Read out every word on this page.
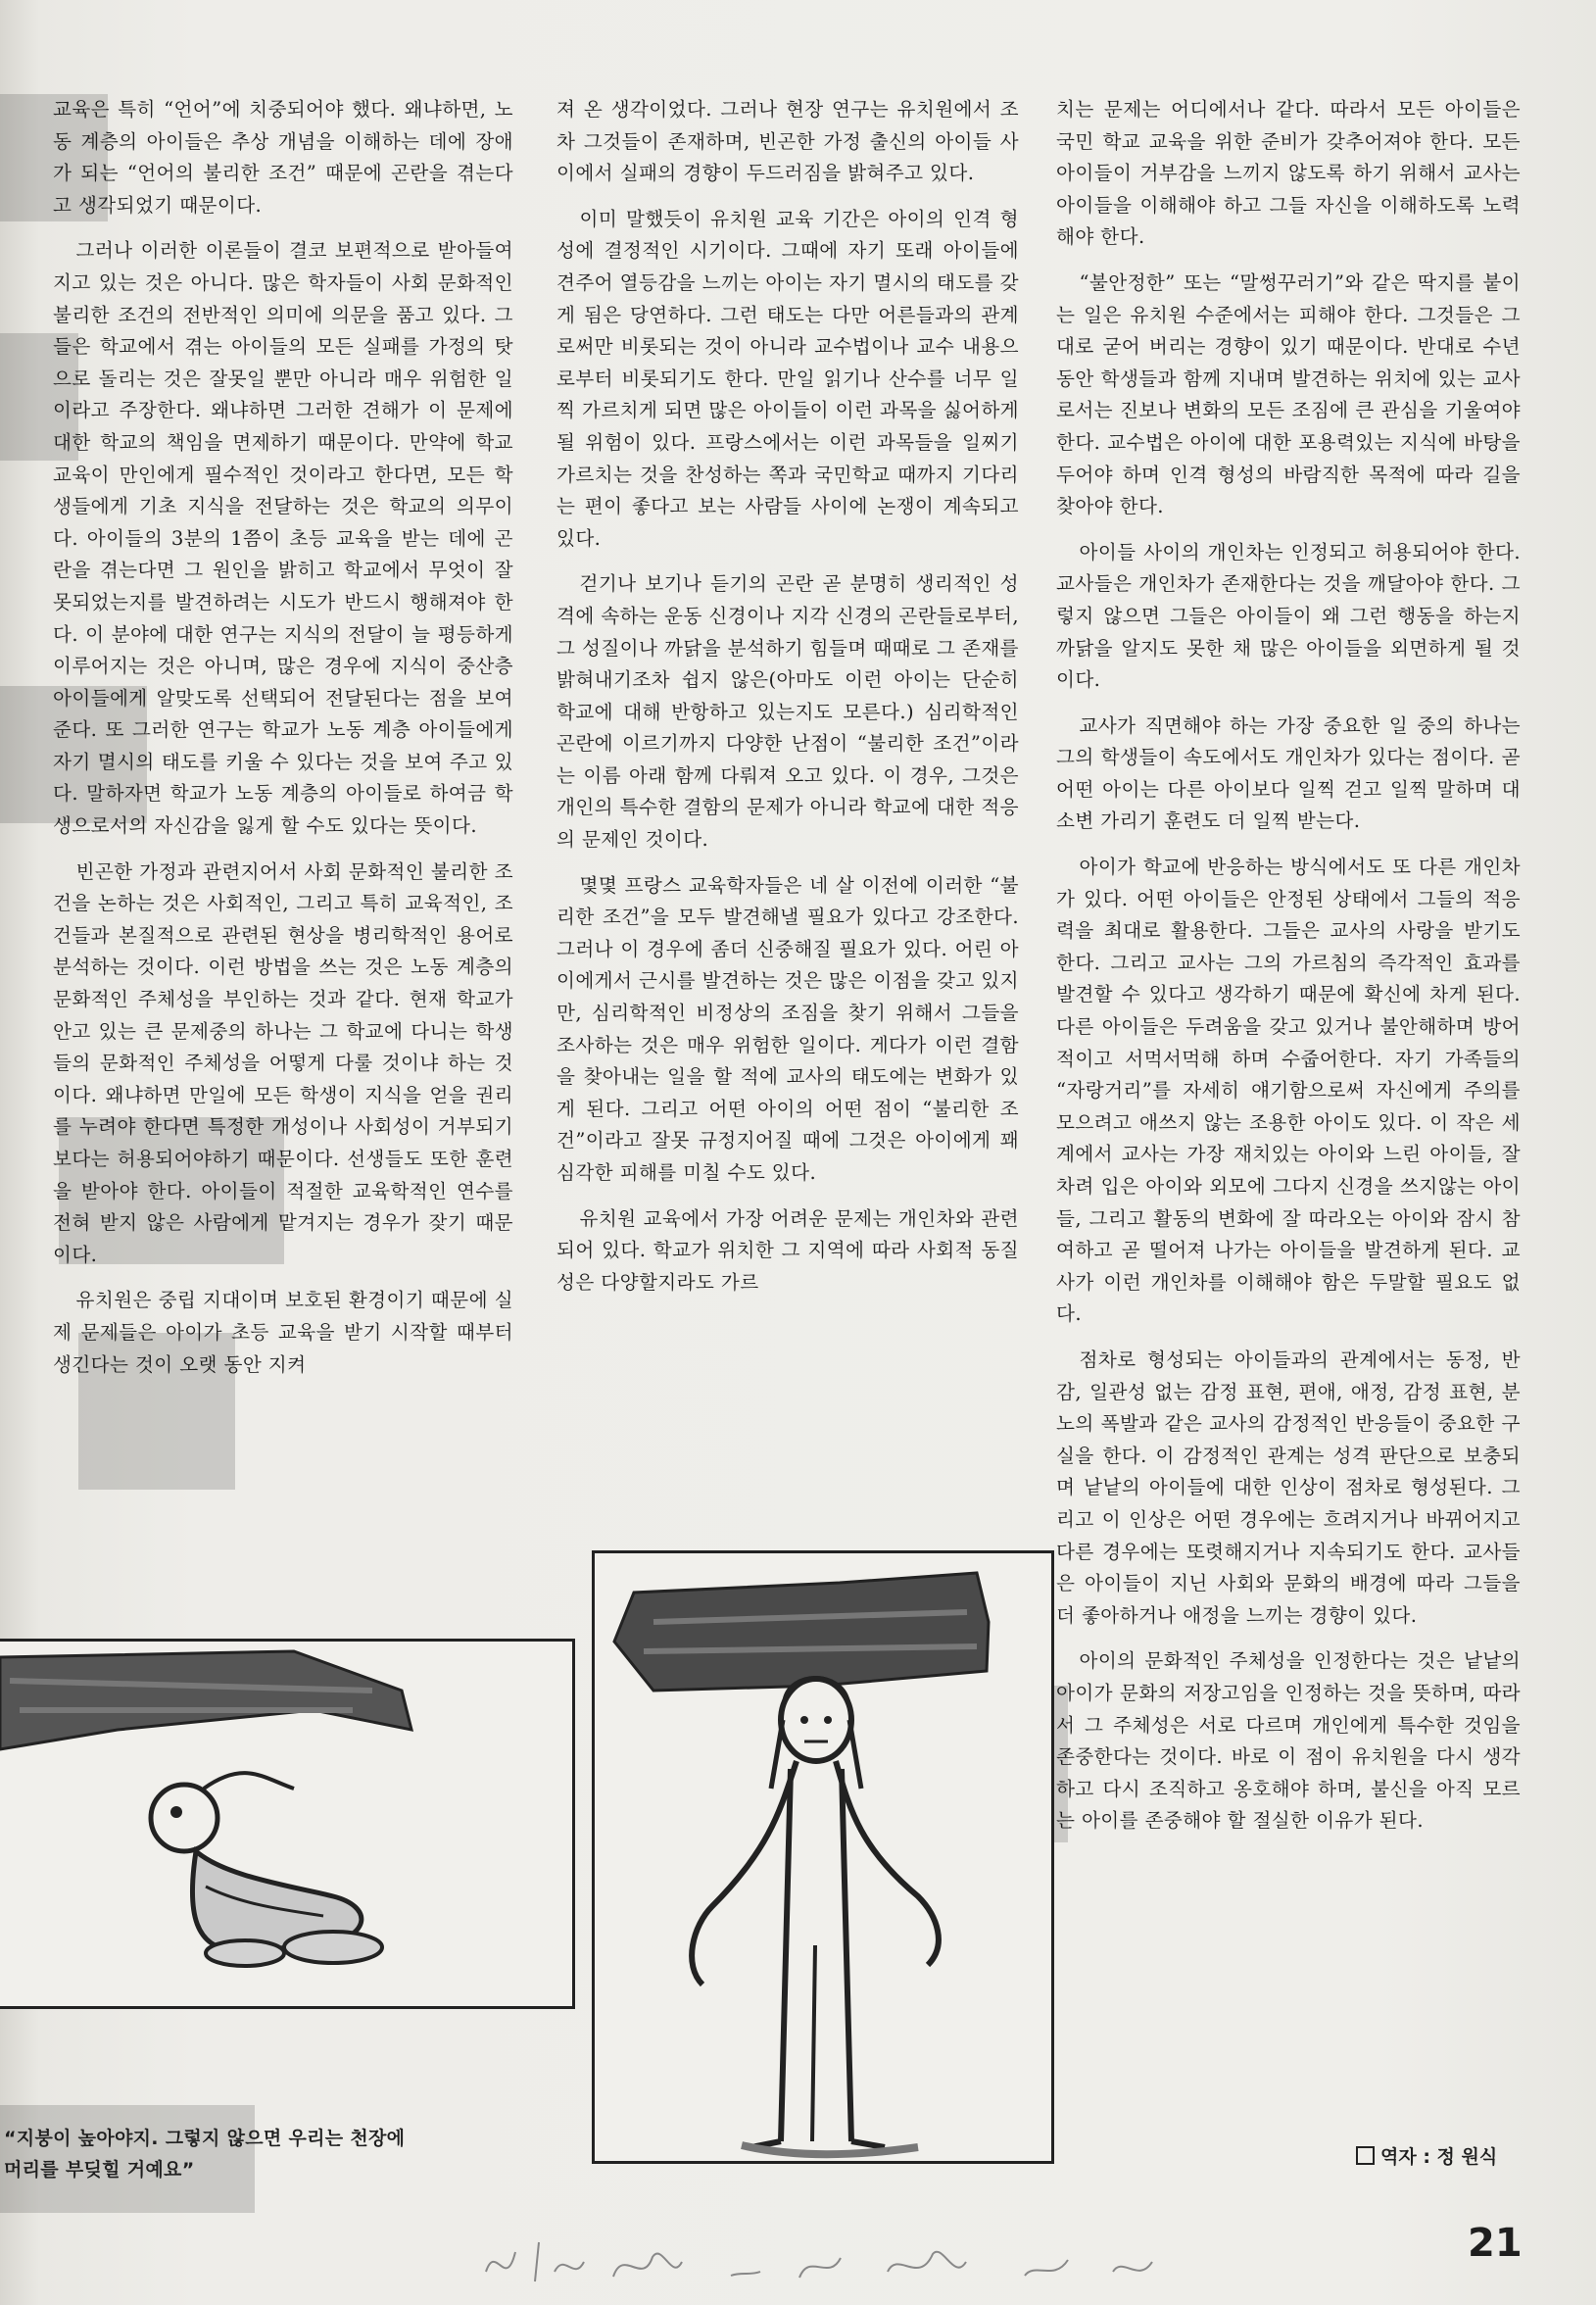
교육은 특히 “언어”에 치중되어야 했다. 왜냐하면, 노동 계층의 아이들은 추상 개념을 이해하는 데에 장애가 되는 “언어의 불리한 조건” 때문에 곤란을 겪는다고 생각되었기 때문이다.

그러나 이러한 이론들이 결코 보편적으로 받아들여지고 있는 것은 아니다. 많은 학자들이 사회 문화적인 불리한 조건의 전반적인 의미에 의문을 품고 있다. 그들은 학교에서 겪는 아이들의 모든 실패를 가정의 탓으로 돌리는 것은 잘못일 뿐만 아니라 매우 위험한 일이라고 주장한다. 왜냐하면 그러한 견해가 이 문제에 대한 학교의 책임을 면제하기 때문이다. 만약에 학교 교육이 만인에게 필수적인 것이라고 한다면, 모든 학생들에게 기초 지식을 전달하는 것은 학교의 의무이다. 아이들의 3분의 1쯤이 초등 교육을 받는 데에 곤란을 겪는다면 그 원인을 밝히고 학교에서 무엇이 잘못되었는지를 발견하려는 시도가 반드시 행해져야 한다. 이 분야에 대한 연구는 지식의 전달이 늘 평등하게 이루어지는 것은 아니며, 많은 경우에 지식이 중산층 아이들에게 알맞도록 선택되어 전달된다는 점을 보여준다. 또 그러한 연구는 학교가 노동 계층 아이들에게 자기 멸시의 태도를 키울 수 있다는 것을 보여 주고 있다. 말하자면 학교가 노동 계층의 아이들로 하여금 학생으로서의 자신감을 잃게 할 수도 있다는 뜻이다.

빈곤한 가정과 관련지어서 사회 문화적인 불리한 조건을 논하는 것은 사회적인, 그리고 특히 교육적인, 조건들과 본질적으로 관련된 현상을 병리학적인 용어로 분석하는 것이다. 이런 방법을 쓰는 것은 노동 계층의 문화적인 주체성을 부인하는 것과 같다. 현재 학교가 안고 있는 큰 문제중의 하나는 그 학교에 다니는 학생들의 문화적인 주체성을 어떻게 다룰 것이냐 하는 것이다. 왜냐하면 만일에 모든 학생이 지식을 얻을 권리를 누려야 한다면 특정한 개성이나 사회성이 거부되기 보다는 허용되어야하기 때문이다. 선생들도 또한 훈련을 받아야 한다. 아이들이 적절한 교육학적인 연수를 전혀 받지 않은 사람에게 맡겨지는 경우가 잦기 때문이다.

유치원은 중립 지대이며 보호된 환경이기 때문에 실제 문제들은 아이가 초등 교육을 받기 시작할 때부터 생긴다는 것이 오랫 동안 지켜

져 온 생각이었다. 그러나 현장 연구는 유치원에서 조차 그것들이 존재하며, 빈곤한 가정 출신의 아이들 사이에서 실패의 경향이 두드러짐을 밝혀주고 있다.

이미 말했듯이 유치원 교육 기간은 아이의 인격 형성에 결정적인 시기이다. 그때에 자기 또래 아이들에 견주어 열등감을 느끼는 아이는 자기 멸시의 태도를 갖게 됨은 당연하다. 그런 태도는 다만 어른들과의 관계로써만 비롯되는 것이 아니라 교수법이나 교수 내용으로부터 비롯되기도 한다. 만일 읽기나 산수를 너무 일찍 가르치게 되면 많은 아이들이 이런 과목을 싫어하게 될 위험이 있다. 프랑스에서는 이런 과목들을 일찌기 가르치는 것을 찬성하는 쪽과 국민학교 때까지 기다리는 편이 좋다고 보는 사람들 사이에 논쟁이 계속되고 있다.

걷기나 보기나 듣기의 곤란 곧 분명히 생리적인 성격에 속하는 운동 신경이나 지각 신경의 곤란들로부터, 그 성질이나 까닭을 분석하기 힘들며 때때로 그 존재를 밝혀내기조차 쉽지 않은(아마도 이런 아이는 단순히 학교에 대해 반항하고 있는지도 모른다.) 심리학적인 곤란에 이르기까지 다양한 난점이 “불리한 조건”이라는 이름 아래 함께 다뤄져 오고 있다. 이 경우, 그것은 개인의 특수한 결함의 문제가 아니라 학교에 대한 적응의 문제인 것이다.

몇몇 프랑스 교육학자들은 네 살 이전에 이러한 “불리한 조건”을 모두 발견해낼 필요가 있다고 강조한다. 그러나 이 경우에 좀더 신중해질 필요가 있다. 어린 아이에게서 근시를 발견하는 것은 많은 이점을 갖고 있지만, 심리학적인 비정상의 조짐을 찾기 위해서 그들을 조사하는 것은 매우 위험한 일이다. 게다가 이런 결함을 찾아내는 일을 할 적에 교사의 태도에는 변화가 있게 된다. 그리고 어떤 아이의 어떤 점이 “불리한 조건”이라고 잘못 규정지어질 때에 그것은 아이에게 꽤 심각한 피해를 미칠 수도 있다.

유치원 교육에서 가장 어려운 문제는 개인차와 관련되어 있다. 학교가 위치한 그 지역에 따라 사회적 동질성은 다양할지라도 가르

치는 문제는 어디에서나 같다. 따라서 모든 아이들은 국민 학교 교육을 위한 준비가 갖추어져야 한다. 모든 아이들이 거부감을 느끼지 않도록 하기 위해서 교사는 아이들을 이해해야 하고 그들 자신을 이해하도록 노력해야 한다.

“불안정한” 또는 “말썽꾸러기”와 같은 딱지를 붙이는 일은 유치원 수준에서는 피해야 한다. 그것들은 그대로 굳어 버리는 경향이 있기 때문이다. 반대로 수년동안 학생들과 함께 지내며 발견하는 위치에 있는 교사로서는 진보나 변화의 모든 조짐에 큰 관심을 기울여야 한다. 교수법은 아이에 대한 포용력있는 지식에 바탕을 두어야 하며 인격 형성의 바람직한 목적에 따라 길을 찾아야 한다.

아이들 사이의 개인차는 인정되고 허용되어야 한다. 교사들은 개인차가 존재한다는 것을 깨달아야 한다. 그렇지 않으면 그들은 아이들이 왜 그런 행동을 하는지 까닭을 알지도 못한 채 많은 아이들을 외면하게 될 것이다.

교사가 직면해야 하는 가장 중요한 일 중의 하나는 그의 학생들이 속도에서도 개인차가 있다는 점이다. 곧 어떤 아이는 다른 아이보다 일찍 걷고 일찍 말하며 대소변 가리기 훈련도 더 일찍 받는다.

아이가 학교에 반응하는 방식에서도 또 다른 개인차가 있다. 어떤 아이들은 안정된 상태에서 그들의 적응력을 최대로 활용한다. 그들은 교사의 사랑을 받기도 한다. 그리고 교사는 그의 가르침의 즉각적인 효과를 발견할 수 있다고 생각하기 때문에 확신에 차게 된다. 다른 아이들은 두려움을 갖고 있거나 불안해하며 방어적이고 서먹서먹해 하며 수줍어한다. 자기 가족들의 “자랑거리”를 자세히 얘기함으로써 자신에게 주의를 모으려고 애쓰지 않는 조용한 아이도 있다. 이 작은 세계에서 교사는 가장 재치있는 아이와 느린 아이들, 잘 차려 입은 아이와 외모에 그다지 신경을 쓰지않는 아이들, 그리고 활동의 변화에 잘 따라오는 아이와 잠시 참여하고 곧 떨어져 나가는 아이들을 발견하게 된다. 교사가 이런 개인차를 이해해야 함은 두말할 필요도 없다.

점차로 형성되는 아이들과의 관계에서는 동정, 반감, 일관성 없는 감정 표현, 편애, 애정, 감정 표현, 분노의 폭발과 같은 교사의 감정적인 반응들이 중요한 구실을 한다. 이 감정적인 관계는 성격 판단으로 보충되며 낱낱의 아이들에 대한 인상이 점차로 형성된다. 그리고 이 인상은 어떤 경우에는 흐려지거나 바뀌어지고 다른 경우에는 또렷해지거나 지속되기도 한다. 교사들은 아이들이 지닌 사회와 문화의 배경에 따라 그들을 더 좋아하거나 애정을 느끼는 경향이 있다.

아이의 문화적인 주체성을 인정한다는 것은 낱낱의 아이가 문화의 저장고임을 인정하는 것을 뜻하며, 따라서 그 주체성은 서로 다르며 개인에게 특수한 것임을 존중한다는 것이다. 바로 이 점이 유치원을 다시 생각하고 다시 조직하고 옹호해야 하며, 불신을 아직 모르는 아이를 존중해야 할 절실한 이유가 된다.

“지붕이 높아야지. 그렇지 않으면 우리는 천장에
머리를 부딪힐 거예요”
역자 : 정 원식
21
